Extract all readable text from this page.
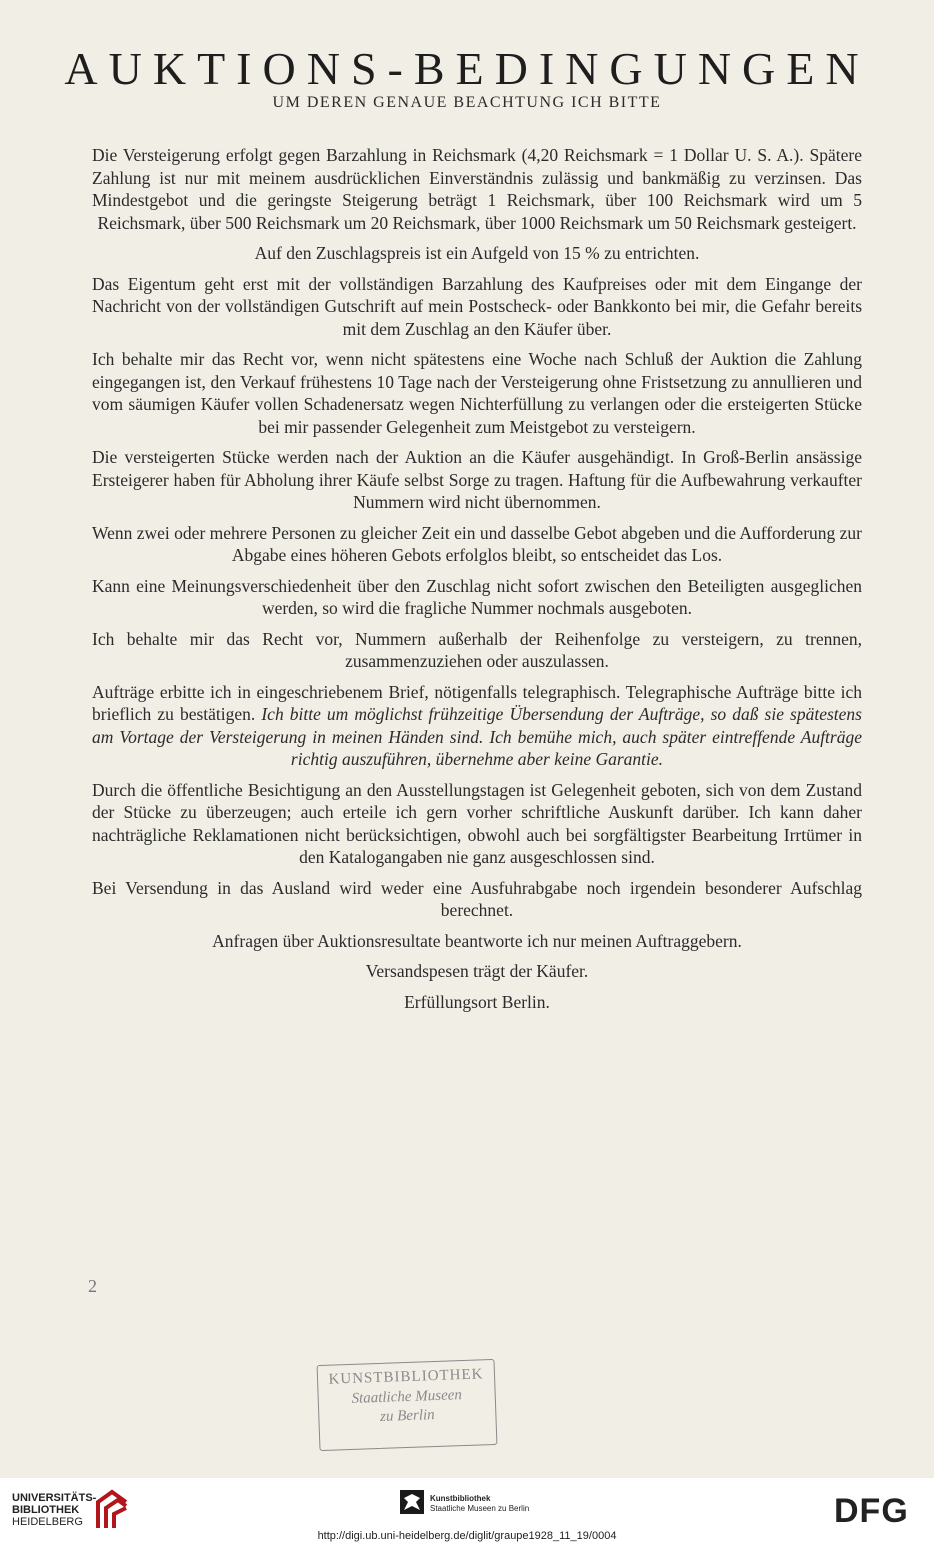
AUKTIONS-BEDINGUNGEN
UM DEREN GENAUE BEACHTUNG ICH BITTE

Die Versteigerung erfolgt gegen Barzahlung in Reichsmark (4,20 Reichsmark = 1 Dollar U. S. A.). Spätere Zahlung ist nur mit meinem ausdrücklichen Einverständnis zulässig und bankmäßig zu verzinsen. Das Mindestgebot und die geringste Steigerung beträgt 1 Reichsmark, über 100 Reichsmark wird um 5 Reichsmark, über 500 Reichsmark um 20 Reichsmark, über 1000 Reichsmark um 50 Reichsmark gesteigert.

Auf den Zuschlagspreis ist ein Aufgeld von 15 % zu entrichten.

Das Eigentum geht erst mit der vollständigen Barzahlung des Kaufpreises oder mit dem Eingange der Nachricht von der vollständigen Gutschrift auf mein Postscheck- oder Bankkonto bei mir, die Gefahr bereits mit dem Zuschlag an den Käufer über.

Ich behalte mir das Recht vor, wenn nicht spätestens eine Woche nach Schluß der Auktion die Zahlung eingegangen ist, den Verkauf frühestens 10 Tage nach der Versteigerung ohne Fristsetzung zu annullieren und vom säumigen Käufer vollen Schadenersatz wegen Nichterfüllung zu verlangen oder die ersteigerten Stücke bei mir passender Gelegenheit zum Meistgebot zu versteigern.

Die versteigerten Stücke werden nach der Auktion an die Käufer ausgehändigt. In Groß-Berlin ansässige Ersteigerer haben für Abholung ihrer Käufe selbst Sorge zu tragen. Haftung für die Aufbewahrung verkaufter Nummern wird nicht übernommen.

Wenn zwei oder mehrere Personen zu gleicher Zeit ein und dasselbe Gebot abgeben und die Aufforderung zur Abgabe eines höheren Gebots erfolglos bleibt, so entscheidet das Los.

Kann eine Meinungsverschiedenheit über den Zuschlag nicht sofort zwischen den Beteiligten ausgeglichen werden, so wird die fragliche Nummer nochmals ausgeboten.

Ich behalte mir das Recht vor, Nummern außerhalb der Reihenfolge zu versteigern, zu trennen, zusammenzuziehen oder auszulassen.

Aufträge erbitte ich in eingeschriebenem Brief, nötigenfalls telegraphisch. Telegraphische Aufträge bitte ich brieflich zu bestätigen. Ich bitte um möglichst frühzeitige Übersendung der Aufträge, so daß sie spätestens am Vortage der Versteigerung in meinen Händen sind. Ich bemühe mich, auch später eintreffende Aufträge richtig auszuführen, übernehme aber keine Garantie.

Durch die öffentliche Besichtigung an den Ausstellungstagen ist Gelegenheit geboten, sich von dem Zustand der Stücke zu überzeugen; auch erteile ich gern vorher schriftliche Auskunft darüber. Ich kann daher nachträgliche Reklamationen nicht berücksichtigen, obwohl auch bei sorgfältigster Bearbeitung Irrtümer in den Katalogangaben nie ganz ausgeschlossen sind.

Bei Versendung in das Ausland wird weder eine Ausfuhrabgabe noch irgendein besonderer Aufschlag berechnet.

Anfragen über Auktionsresultate beantworte ich nur meinen Auftraggebern.

Versandspesen trägt der Käufer.

Erfüllungsort Berlin.

2
KUNSTBIBLIOTHEK
Staatliche Museen
zu Berlin
UNIVERSITÄTS-
BIBLIOTHEK
HEIDELBERG
Kunstbibliothek
Staatliche Museen zu Berlin	DFG
http://digi.ub.uni-heidelberg.de/diglit/graupe1928_11_19/0004
